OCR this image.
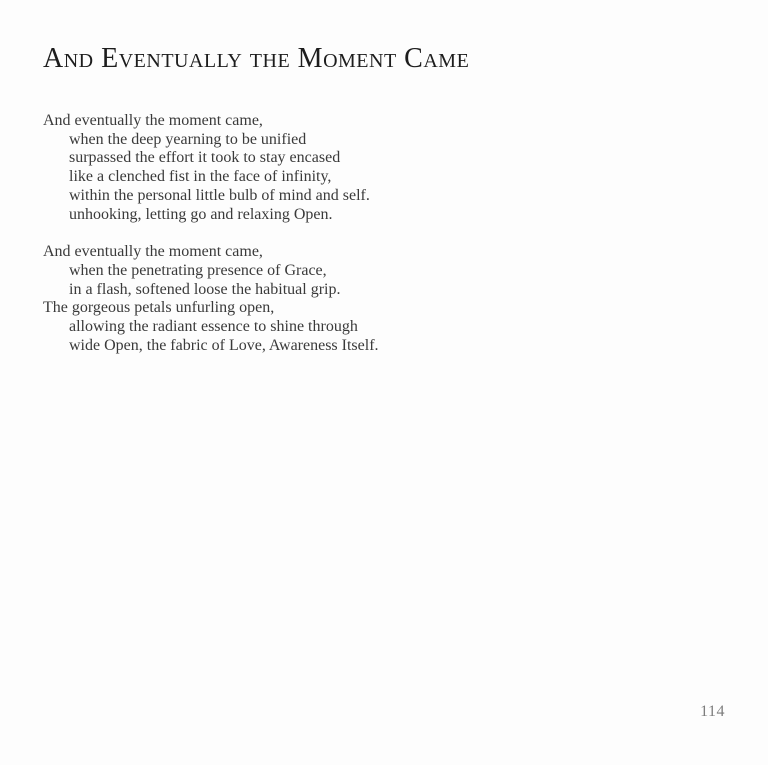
And Eventually the Moment Came

And eventually the moment came,

when the deep yearning to be unified

surpassed the effort it took to stay encased

like a clenched fist in the face of infinity,

within the personal little bulb of mind and self.

unhooking, letting go and relaxing Open.

And eventually the moment came,

when the penetrating presence of Grace,

in a flash, softened loose the habitual grip.

The gorgeous petals unfurling open,

allowing the radiant essence to shine through

wide Open, the fabric of Love, Awareness Itself.

114
